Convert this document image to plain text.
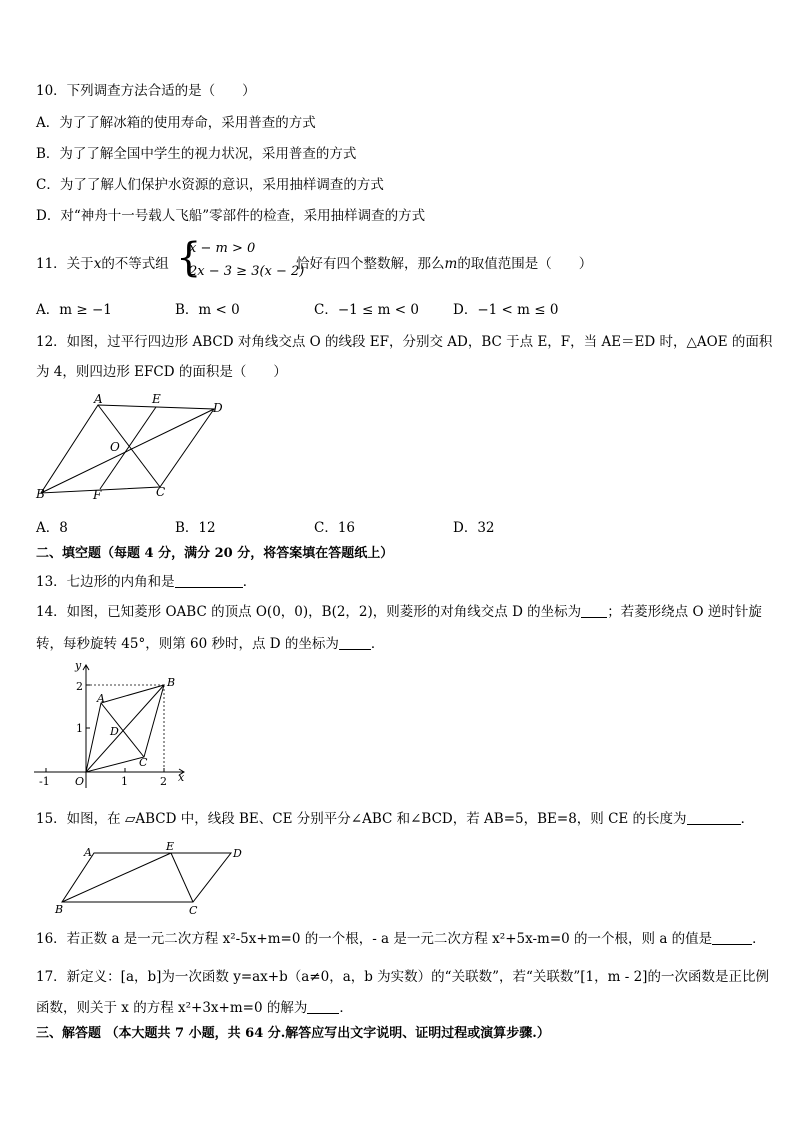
10．下列调查方法合适的是（　　）
A．为了了解冰箱的使用寿命，采用普查的方式
B．为了了解全国中学生的视力状况，采用普查的方式
C．为了了解人们保护水资源的意识，采用抽样调查的方式
D．对“神舟十一号载人飞船”零部件的检查，采用抽样调查的方式
11．关于x的不等式组 {
x − m > 0
2x − 3 ≥ 3(x − 2)
恰好有四个整数解，那么m的取值范围是（　　）
A．m ≥ −1	B．m < 0	C．−1 ≤ m < 0	D．−1 < m ≤ 0
12．如图，过平行四边形 ABCD 对角线交点 O 的线段 EF，分别交 AD，BC 于点 E，F，当 AE＝ED 时，△AOE 的面积
为 4，则四边形 EFCD 的面积是（　　）
A	E
D
O
B	F	C
A．8	B．12	C．16	D．32
二、填空题（每题 4 分，满分 20 分，将答案填在答题纸上）
13．七边形的内角和是	．
14．如图，已知菱形 OABC 的顶点 O(0，0)，B(2，2)，则菱形的对角线交点 D 的坐标为 ；若菱形绕点 O 逆时针旋
转，每秒旋转 45°，则第 60 秒时，点 D 的坐标为 ．
y
x
O
A
B
C
D
2
1
-1	1	2
15．如图，在 ▱ABCD 中，线段 BE、CE 分别平分∠ABC 和∠BCD，若 AB=5，BE=8，则 CE 的长度为	．
A	E
D
B	C
16．若正数 a 是一元二次方程 x²-5x+m=0 的一个根，- a 是一元二次方程 x²+5x-m=0 的一个根，则 a 的值是	．
17．新定义：[a，b]为一次函数 y=ax+b（a≠0，a，b 为实数）的“关联数”，若“关联数”[1，m - 2]的一次函数是正比例
函数，则关于 x 的方程 x²+3x+m=0 的解为 ．
三、解答题 （本大题共 7 小题，共 64 分.解答应写出文字说明、证明过程或演算步骤.）
